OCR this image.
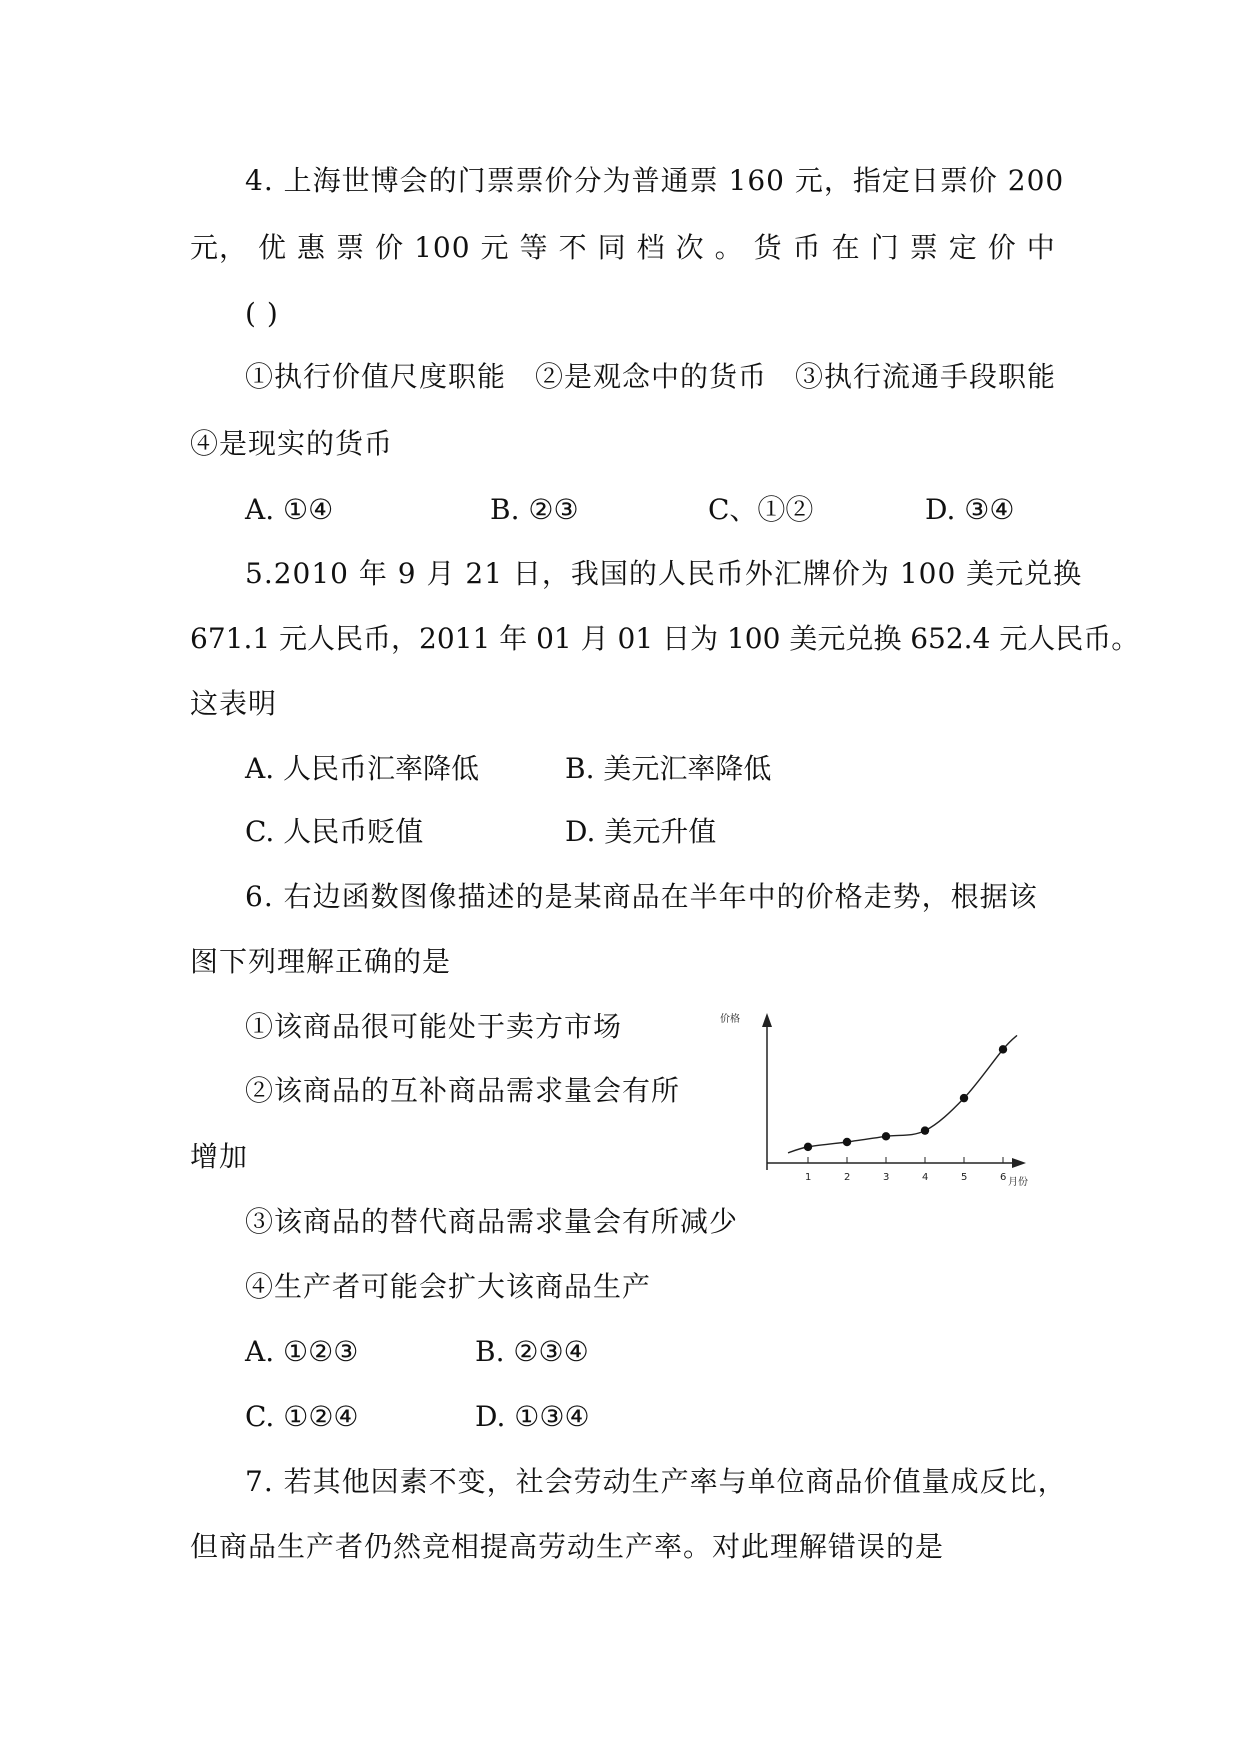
4. 上海世博会的门票票价分为普通票 160 元，指定日票价 200
元， 优 惠 票 价 100 元 等 不 同 档 次 。 货 币 在 门 票 定 价 中
( )
①执行价值尺度职能 ②是观念中的货币 ③执行流通手段职能
④是现实的货币
A. ①④	B. ②③	C、①②	D. ③④
5.2010 年 9 月 21 日，我国的人民币外汇牌价为 100 美元兑换
671.1 元人民币，2011 年 01 月 01 日为 100 美元兑换 652.4 元人民币。
这表明
A. 人民币汇率降低	B. 美元汇率降低
C. 人民币贬值	D. 美元升值
6. 右边函数图像描述的是某商品在半年中的价格走势，根据该
图下列理解正确的是
①该商品很可能处于卖方市场
②该商品的互补商品需求量会有所
增加
③该商品的替代商品需求量会有所减少
④生产者可能会扩大该商品生产
A. ①②③	B. ②③④
C. ①②④	D. ①③④
价格
月份
1	2	3	4	5	6
7. 若其他因素不变，社会劳动生产率与单位商品价值量成反比，
但商品生产者仍然竞相提高劳动生产率。对此理解错误的是
